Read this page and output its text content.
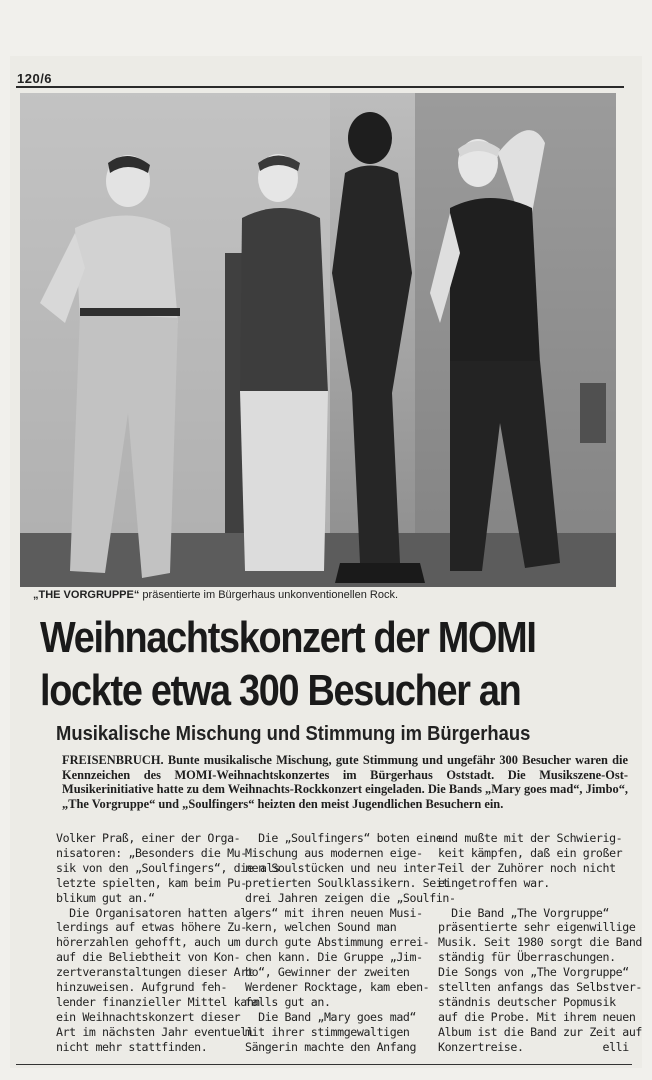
120/6
„THE VORGRUPPE“ präsentierte im Bürgerhaus unkonventionellen Rock.
Weihnachtskonzert der MOMI
lockte etwa 300 Besucher an
Musikalische Mischung und Stimmung im Bürgerhaus
FREISENBRUCH. Bunte musikalische Mischung, gute Stimmung und ungefähr 300 Besucher waren die Kennzeichen des MOMI-Weihnachtskonzertes im Bürgerhaus Oststadt. Die Musikszene-Ost-Musikerinitiative hatte zu dem Weihnachts-Rockkonzert eingeladen. Die Bands „Mary goes mad“, Jimbo“, „The Vorgruppe“ und „Soulfingers“ heizten den meist Jugendlichen Besuchern ein.
Volker Praß, einer der Orga-
nisatoren: „Besonders die Mu-
sik von den „Soulfingers“, die als
letzte spielten, kam beim Pu-
blikum gut an.“
Die Organisatoren hatten al-
lerdings auf etwas höhere Zu-
hörerzahlen gehofft, auch um
auf die Beliebtheit von Kon-
zertveranstaltungen dieser Art
hinzuweisen. Aufgrund feh-
lender finanzieller Mittel kann
ein Weihnachtskonzert dieser
Art im nächsten Jahr eventuell
nicht mehr stattfinden.
Die „Soulfingers“ boten eine
Mischung aus modernen eige-
nen Soulstücken und neu inter-
pretierten Soulklassikern. Seit
drei Jahren zeigen die „Soulfin-
gers“ mit ihren neuen Musi-
kern, welchen Sound man
durch gute Abstimmung errei-
chen kann. Die Gruppe „Jim-
bo“, Gewinner der zweiten
Werdener Rocktage, kam eben-
falls gut an.
Die Band „Mary goes mad“
mit ihrer stimmgewaltigen
Sängerin machte den Anfang
und mußte mit der Schwierig-
keit kämpfen, daß ein großer
Teil der Zuhörer noch nicht
eingetroffen war.

Die Band „The Vorgruppe“
präsentierte sehr eigenwillige
Musik. Seit 1980 sorgt die Band
ständig für Überraschungen.
Die Songs von „The Vorgruppe“
stellten anfangs das Selbstver-
ständnis deutscher Popmusik
auf die Probe. Mit ihrem neuen
Album ist die Band zur Zeit auf
Konzertreise.            elli
